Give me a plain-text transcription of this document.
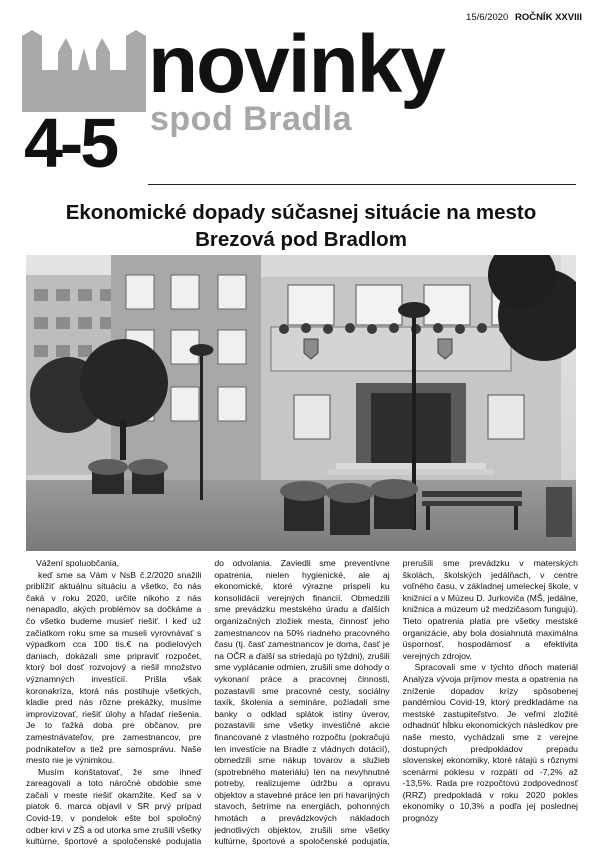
novinky
spod Bradla
4-5
15/6/2020 ROČNÍK XXVIII
Ekonomické dopady súčasnej situácie na mesto
Brezová pod Bradlom

Vážení spoluobčania,

keď sme sa Vám v NsB č.2/2020 snažili priblížiť aktuálnu situáciu a všetko, čo nás čaká v roku 2020, určite nikoho z nás nenapadlo, akých problémov sa dočkáme a čo všetko budeme musieť riešiť. I keď už začiatkom roku sme sa museli vyrovnávať s výpadkom cca 100 tis.€ na podielových daniach, dokázali sme pripraviť rozpočet, ktorý bol dosť rozvojový a riešil množstvo významných investícií. Prišla však koronakríza, ktorá nás postihuje všetkých, kladie pred nás rôzne prekážky, musíme improvizovať, riešiť úlohy a hľadať riešenia. Je to ťažká doba pre občanov, pre zamestnávateľov, pre zamestnancov, pre podnikateľov a tiež pre samosprávu. Naše mesto nie je výnimkou.

Musím konštatovať, že sme ihneď zareagovali a toto náročné obdobie sme začali v meste riešiť okamžite. Keď sa v piatok 6. marca objavil v SR prvý prípad Covid-19, v pondelok ešte bol spoločný odber krvi v ZŠ a od utorka sme zrušili všetky kultúrne, športové a spoločenské podujatia do odvolania. Zaviedli sme preventívne opatrenia, nielen hygienické, ale aj ekonomické, ktoré výrazne prispeli ku konsolidácii verejných financií. Obmedzili sme prevádzku mestského úradu a ďalších organizačných zložiek mesta, činnosť jeho zamestnancov na 50% riadneho pracovného času (tj. časť zamestnancov je doma, časť je na OČR a ďalší sa striedajú po týždni), zrušili sme vyplácanie odmien, zrušili sme dohody o vykonaní práce a pracovnej činnosti, pozastavili sme pracovné cesty, sociálny taxík, školenia a semináre, požiadali sme banky o odklad splátok istiny úverov, pozastavili sme všetky investičné akcie financované z vlastného rozpočtu (pokračujú len investície na Bradle z vládnych dotácií), obmedzili sme nákup tovarov a služieb (spotrebného materiálu) len na nevyhnutné potreby, realizujeme údržbu a opravu objektov a stavebné práce len pri havarijných stavoch, šetríme na energiách, pohonných hmotách a prevádzkových nákladoch jednotlivých objektov, zrušili sme všetky kultúrne, športové a spoločenské podujatia, prerušili sme prevádzku v materských školách, školských jedálňach, v centre voľného času, v základnej umeleckej škole, v knižnici a v Múzeu D. Jurkoviča (MŠ, jedálne, knižnica a múzeum už medzičasom fungujú). Tieto opatrenia platia pre všetky mestské organizácie, aby bola dosiahnutá maximálna úspornosť, hospodárnosť a efektivita verejných zdrojov.

Spracovali sme v týchto dňoch materiál Analýza vývoja príjmov mesta a opatrenia na zníženie dopadov krízy spôsobenej pandémiou Covid-19, ktorý predkladáme na mestské zastupiteľstvo. Je veľmi zložité odhadnúť hĺbku ekonomických následkov pre naše mesto, vychádzali sme z verejne dostupných predpokladov prepadu slovenskej ekonomiky, ktoré rátajú s rôznymi scenármi poklesu v rozpätí od -7,2% až -13,5%. Rada pre rozpočtovú zodpovednosť (RRZ) predpokladá v roku 2020 pokles ekonomiky o 10,3% a podľa jej poslednej prognózy
